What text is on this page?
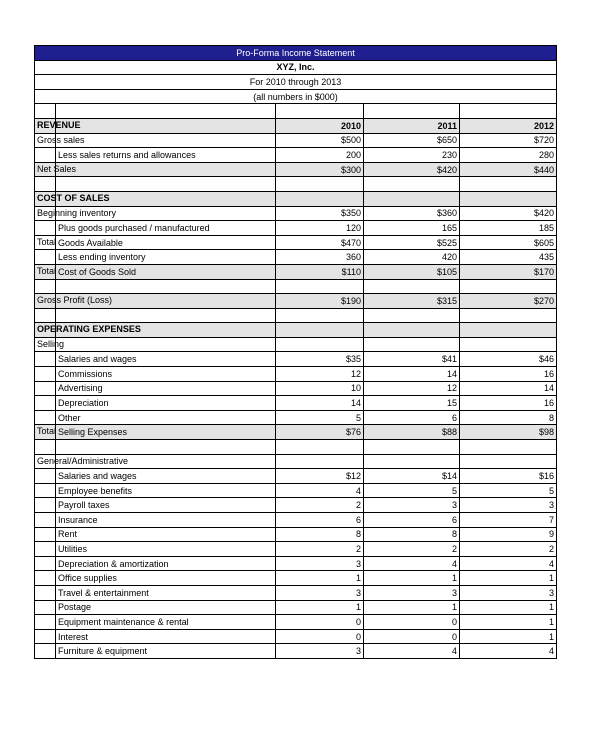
Pro-Forma Income Statement				
XYZ, Inc.				
For 2010 through 2013				
(all numbers in $000)				

REVENUE		2010	2011	2012

Gross sales		$500	$650	$720

	Less sales returns and allowances	200	230	280

Net Sales		$300	$420	$440

COST OF SALES				

Beginning inventory		$350	$360	$420

	Plus goods purchased / manufactured	120	165	185

Total	Goods Available	$470	$525	$605

	Less ending inventory	360	420	435

Total	Cost of Goods Sold	$110	$105	$170

Gross Profit (Loss)		$190	$315	$270

OPERATING EXPENSES				

Selling				

	Salaries and wages	$35	$41	$46

	Commissions	12	14	16

	Advertising	10	12	14

	Depreciation	14	15	16

	Other	5	6	8

Total	Selling Expenses	$76	$88	$98

General/Administrative				

	Salaries and wages	$12	$14	$16

	Employee benefits	4	5	5

	Payroll taxes	2	3	3

	Insurance	6	6	7

	Rent	8	8	9

	Utilities	2	2	2

	Depreciation & amortization	3	4	4

	Office supplies	1	1	1

	Travel & entertainment	3	3	3

	Postage	1	1	1

	Equipment maintenance & rental	0	0	1

	Interest	0	0	1

	Furniture & equipment	3	4	4
